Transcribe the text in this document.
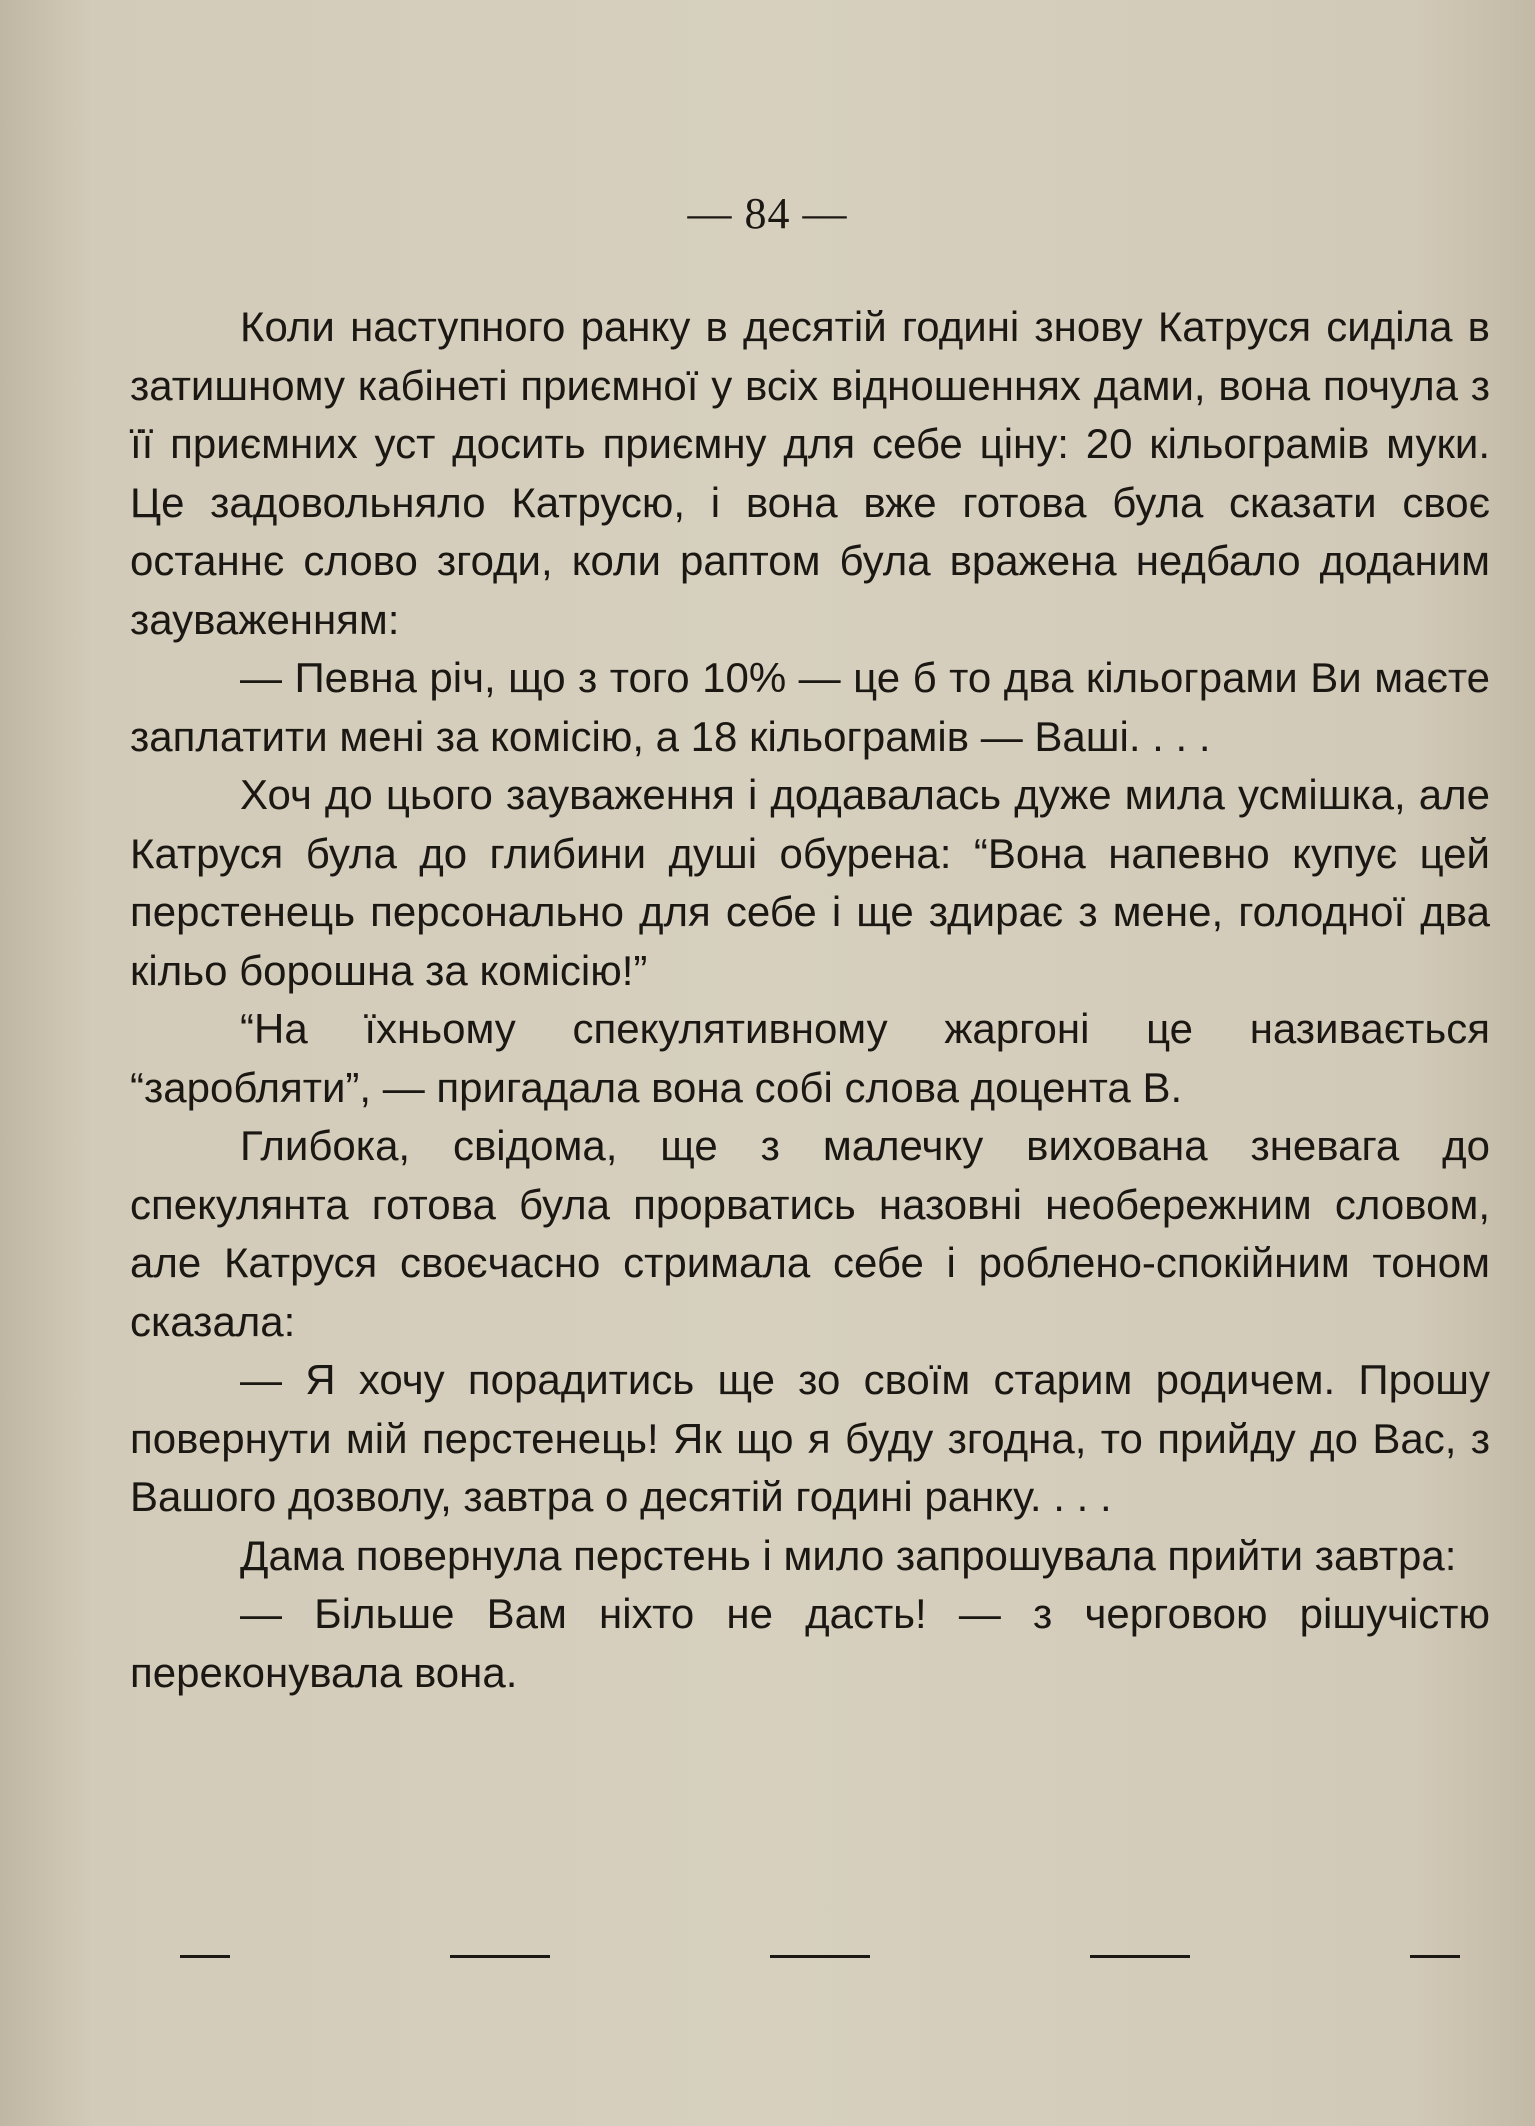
— 84 —

Коли наступного ранку в десятій годині знову Катруся сиділа в затишному кабінеті приємної у всіх відношеннях дами, вона почула з її приємних уст досить приємну для себе ціну: 20 кільограмів муки. Це задовольняло Катрусю, і вона вже готова була сказати своє останнє слово згоди, коли раптом була вражена недбало доданим зауваженням:

— Певна річ, що з того 10% — це б то два кільограми Ви маєте заплатити мені за комісію, а 18 кільограмів — Ваші. . . .

Хоч до цього зауваження і додавалась дуже мила усмішка, але Катруся була до глибини душі обурена: “Вона напевно купує цей перстенець персонально для себе і ще здирає з мене, голодної два кільо борошна за комісію!”

“На їхньому спекулятивному жаргоні це називається “заробляти”, — пригадала вона собі слова доцента В.

Глибока, свідома, ще з малечку вихована зневага до спекулянта готова була прорватись назовні необережним словом, але Катруся своєчасно стримала себе і роблено-спокійним тоном сказала:

— Я хочу порадитись ще зо своїм старим родичем. Прошу повернути мій перстенець! Як що я буду згодна, то прийду до Вас, з Вашого дозволу, завтра о десятій годині ранку. . . .

Дама повернула перстень і мило запрошувала прийти завтра:

— Більше Вам ніхто не дасть! — з черговою рішучістю переконувала вона.
